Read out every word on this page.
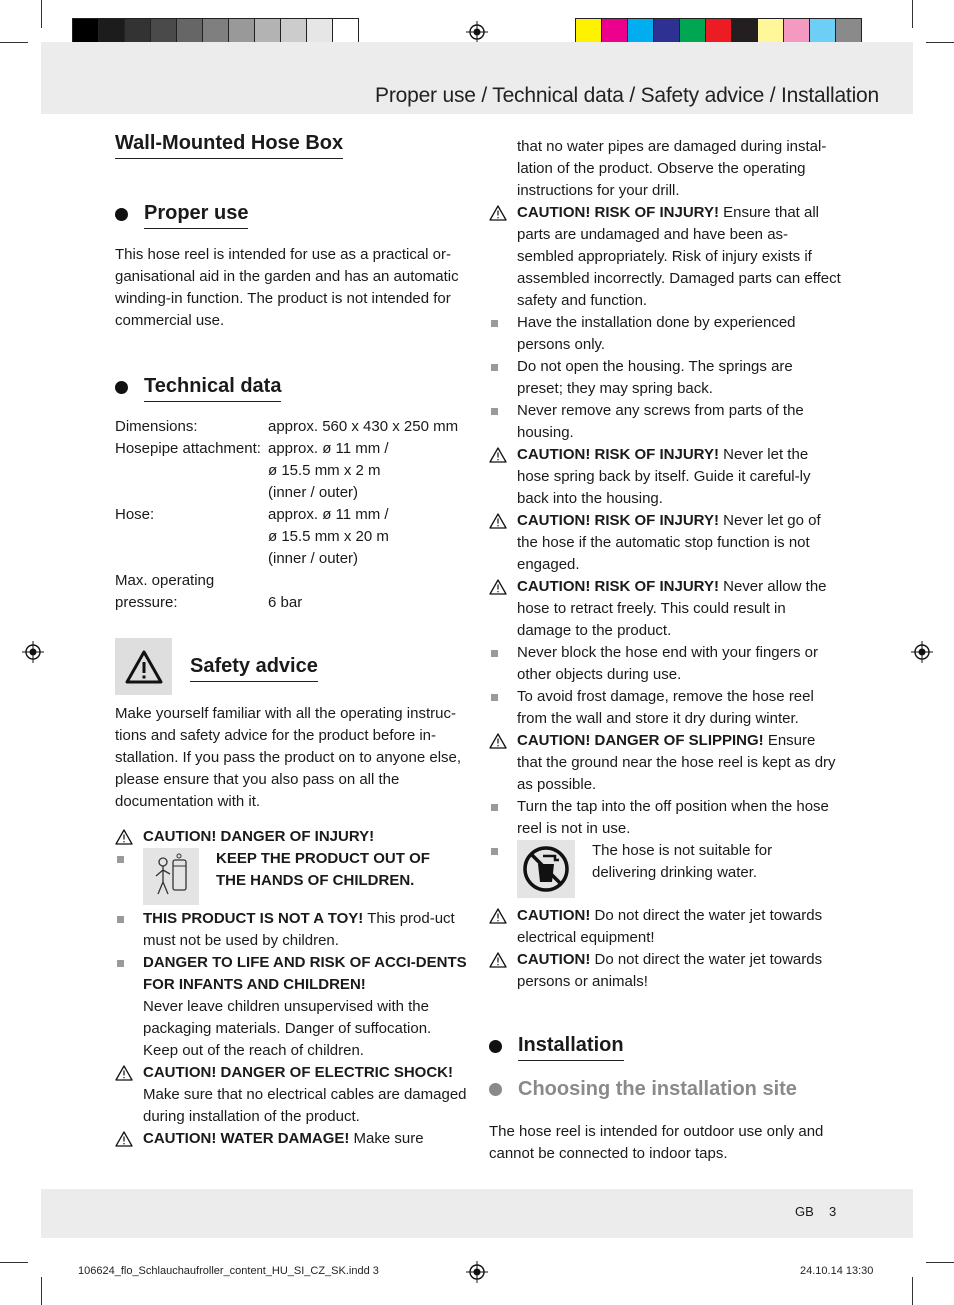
Proper use / Technical data / Safety advice / Installation
Wall-Mounted Hose Box
Proper use

This hose reel is intended for use as a practical or-ganisational aid in the garden and has an automatic winding-in function. The product is not intended for commercial use.

Technical data
Dimensions:	approx. 560 x 430 x 250 mm
Hosepipe attachment: approx. ø 11 mm /
ø 15.5 mm x 2 m
(inner / outer)
Hose:	approx. ø 11 mm /
ø 15.5 mm x 20 m
(inner / outer)
Max. operating
pressure:	6 bar
Safety advice

Make yourself familiar with all the operating instruc-tions and safety advice for the product before in-stallation. If you pass the product on to anyone else, please ensure that you also pass on all the documentation with it.

CAUTION! DANGER OF INJURY!
KEEP THE PRODUCT OUT OF THE HANDS OF CHILDREN.
THIS PRODUCT IS NOT A TOY! This prod-uct must not be used by children.
DANGER TO LIFE AND RISK OF ACCI-DENTS FOR INFANTS AND CHILDREN!
Never leave children unsupervised with the packaging materials. Danger of suffocation. Keep out of the reach of children.
CAUTION! DANGER OF ELECTRIC SHOCK! Make sure that no electrical cables are damaged during installation of the product.
CAUTION! WATER DAMAGE! Make sure

that no water pipes are damaged during instal-lation of the product. Observe the operating instructions for your drill.

CAUTION! RISK OF INJURY! Ensure that all parts are undamaged and have been as-sembled appropriately. Risk of injury exists if assembled incorrectly. Damaged parts can effect safety and function.
Have the installation done by experienced persons only.
Do not open the housing. The springs are preset; they may spring back.
Never remove any screws from parts of the housing.
CAUTION! RISK OF INJURY! Never let the hose spring back by itself. Guide it careful-ly back into the housing.
CAUTION! RISK OF INJURY! Never let go of the hose if the automatic stop function is not engaged.
CAUTION! RISK OF INJURY! Never allow the hose to retract freely. This could result in damage to the product.
Never block the hose end with your fingers or other objects during use.
To avoid frost damage, remove the hose reel from the wall and store it dry during winter.
CAUTION! DANGER OF SLIPPING! Ensure that the ground near the hose reel is kept as dry as possible.
Turn the tap into the off position when the hose reel is not in use.
The hose is not suitable for delivering drinking water.
CAUTION! Do not direct the water jet towards electrical equipment!
CAUTION! Do not direct the water jet towards persons or animals!
Installation
Choosing the installation site

The hose reel is intended for outdoor use only and cannot be connected to indoor taps.

GB 3
106624_flo_Schlauchaufroller_content_HU_SI_CZ_SK.indd 3	24.10.14 13:30
